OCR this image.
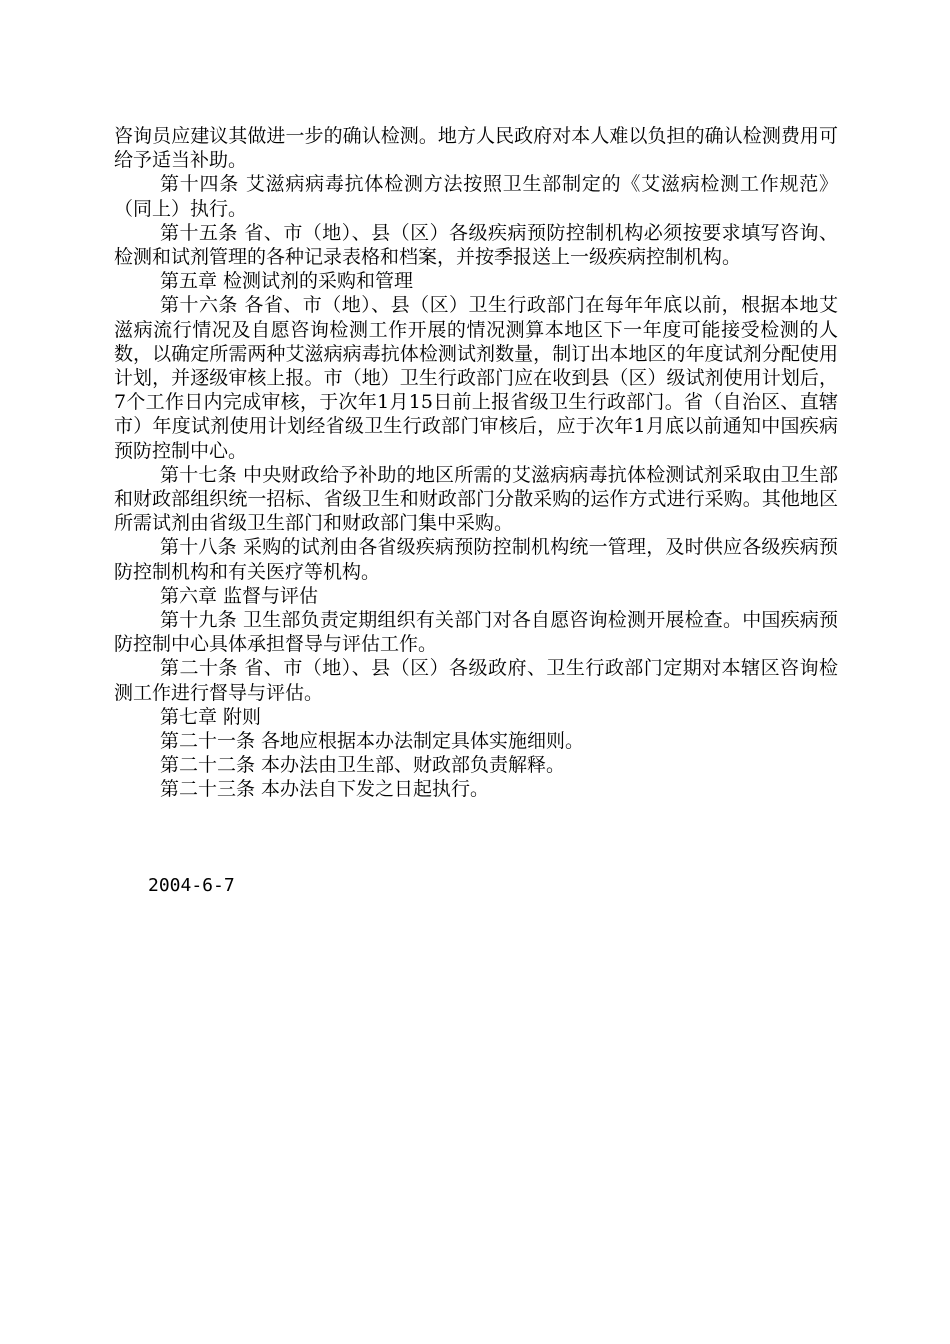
咨询员应建议其做进一步的确认检测。地方人民政府对本人难以负担的确认检测费用可给予适当补助。

第十四条 艾滋病病毒抗体检测方法按照卫生部制定的《艾滋病检测工作规范》（同上）执行。

第十五条 省、市（地）、县（区）各级疾病预防控制机构必须按要求填写咨询、检测和试剂管理的各种记录表格和档案，并按季报送上一级疾病控制机构。

第五章 检测试剂的采购和管理

第十六条 各省、市（地）、县（区）卫生行政部门在每年年底以前，根据本地艾滋病流行情况及自愿咨询检测工作开展的情况测算本地区下一年度可能接受检测的人数，以确定所需两种艾滋病病毒抗体检测试剂数量，制订出本地区的年度试剂分配使用计划，并逐级审核上报。市（地）卫生行政部门应在收到县（区）级试剂使用计划后，7个工作日内完成审核，于次年1月15日前上报省级卫生行政部门。省（自治区、直辖市）年度试剂使用计划经省级卫生行政部门审核后，应于次年1月底以前通知中国疾病预防控制中心。

第十七条 中央财政给予补助的地区所需的艾滋病病毒抗体检测试剂采取由卫生部和财政部组织统一招标、省级卫生和财政部门分散采购的运作方式进行采购。其他地区所需试剂由省级卫生部门和财政部门集中采购。

第十八条 采购的试剂由各省级疾病预防控制机构统一管理，及时供应各级疾病预防控制机构和有关医疗等机构。

第六章 监督与评估

第十九条 卫生部负责定期组织有关部门对各自愿咨询检测开展检查。中国疾病预防控制中心具体承担督导与评估工作。

第二十条 省、市（地）、县（区）各级政府、卫生行政部门定期对本辖区咨询检测工作进行督导与评估。

第七章 附则

第二十一条 各地应根据本办法制定具体实施细则。

第二十二条 本办法由卫生部、财政部负责解释。

第二十三条 本办法自下发之日起执行。

2004-6-7
